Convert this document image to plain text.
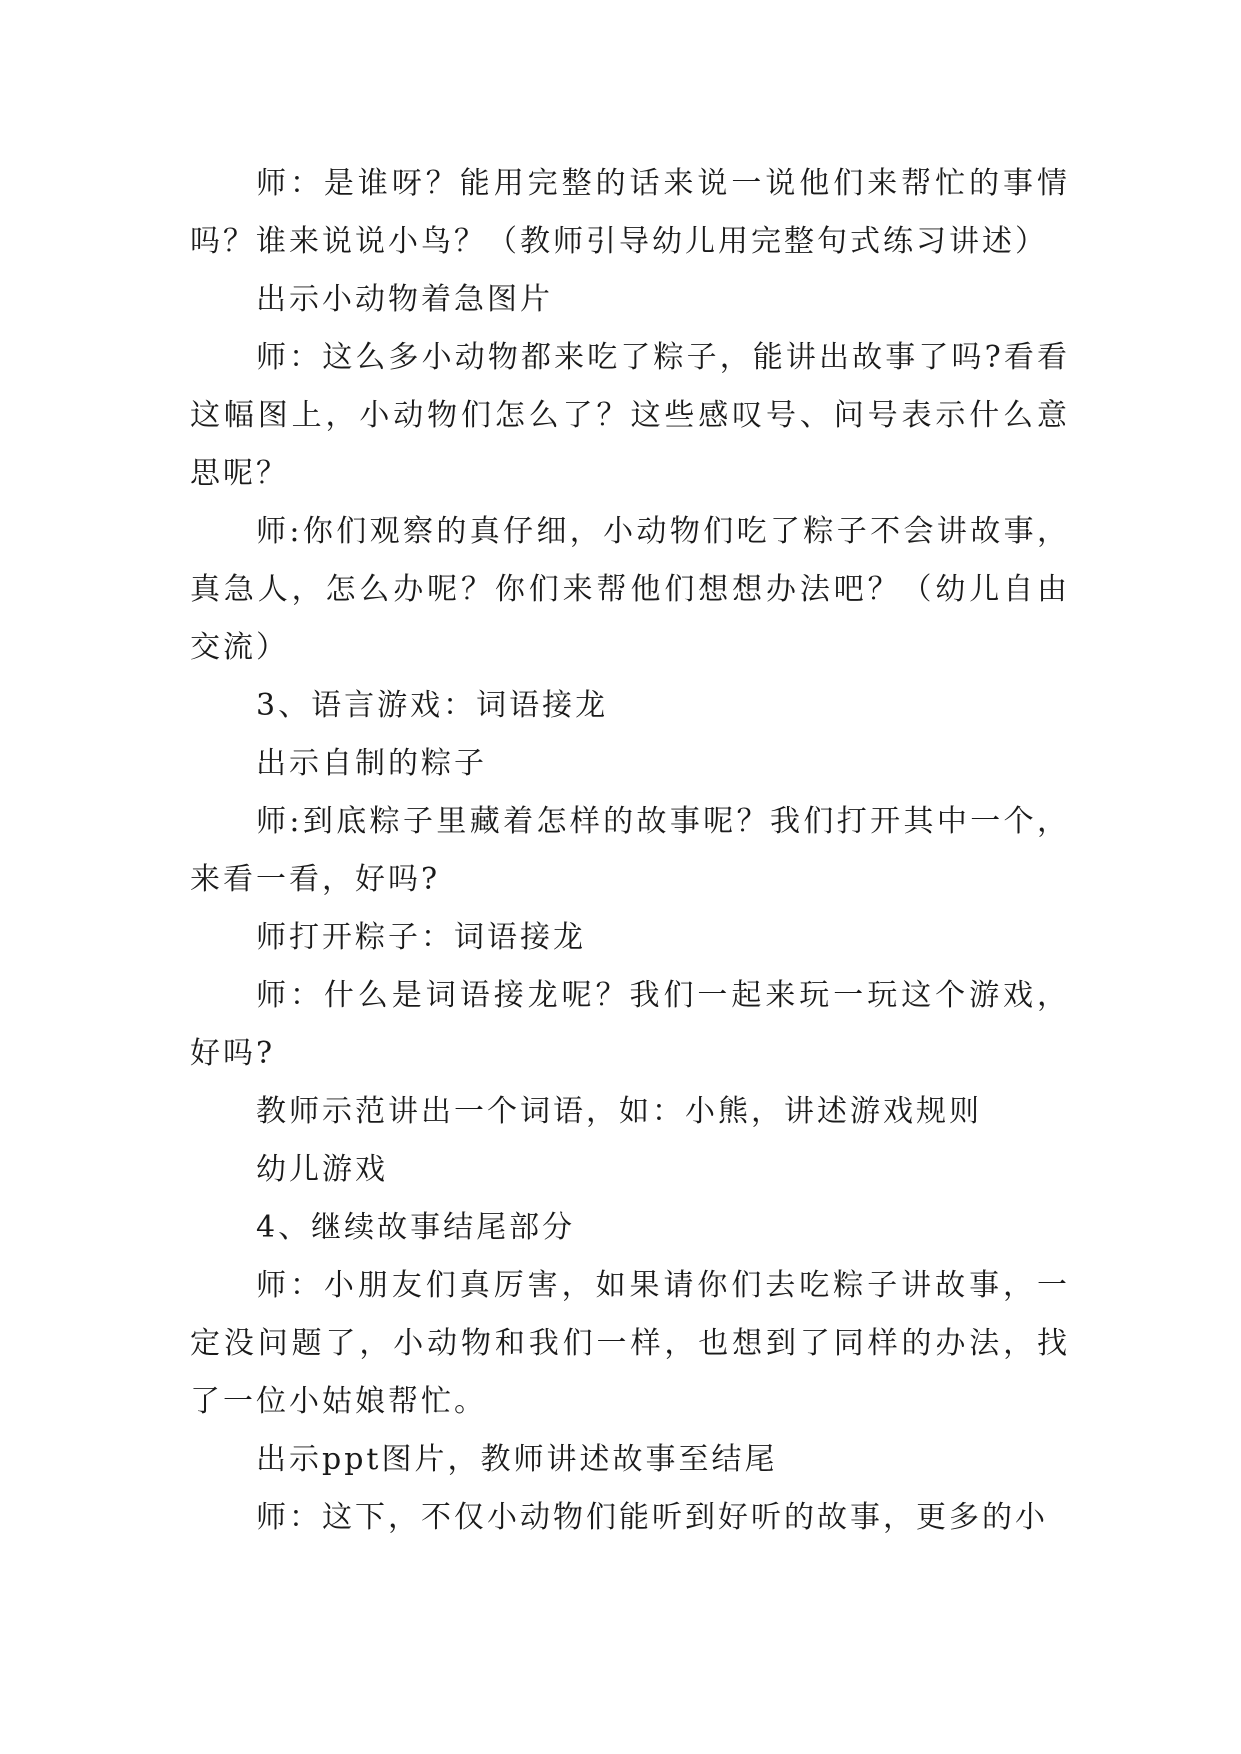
师：是谁呀？能用完整的话来说一说他们来帮忙的事情吗？谁来说说小鸟？（教师引导幼儿用完整句式练习讲述）

出示小动物着急图片

师：这么多小动物都来吃了粽子，能讲出故事了吗?看看这幅图上，小动物们怎么了？这些感叹号、问号表示什么意思呢？

师:你们观察的真仔细，小动物们吃了粽子不会讲故事，真急人，怎么办呢？你们来帮他们想想办法吧？（幼儿自由交流）

3、语言游戏：词语接龙

出示自制的粽子

师:到底粽子里藏着怎样的故事呢？我们打开其中一个，来看一看，好吗?

师打开粽子：词语接龙

师：什么是词语接龙呢？我们一起来玩一玩这个游戏，好吗?

教师示范讲出一个词语，如：小熊，讲述游戏规则

幼儿游戏

4、继续故事结尾部分

师：小朋友们真厉害，如果请你们去吃粽子讲故事，一定没问题了，小动物和我们一样，也想到了同样的办法，找了一位小姑娘帮忙。

出示ppt图片，教师讲述故事至结尾

师：这下，不仅小动物们能听到好听的故事，更多的小
